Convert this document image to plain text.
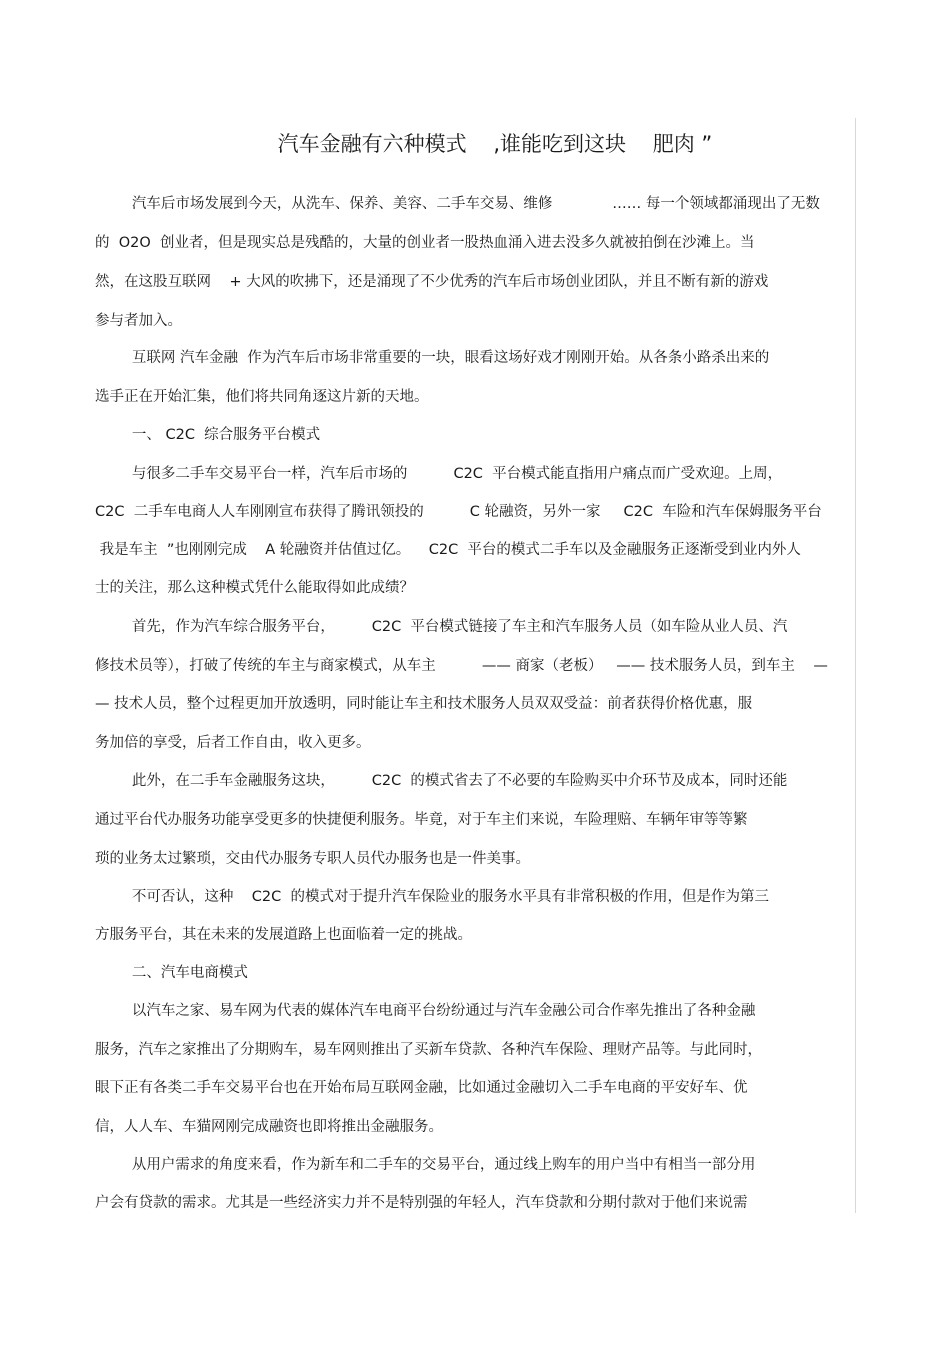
汽车金融有六种模式    ,谁能吃到这块    肥肉 ”
汽车后市场发展到今天，从洗车、保养、美容、二手车交易、维修             …… 每一个领域都涌现出了无数
的  O2O  创业者，但是现实总是残酷的，大量的创业者一股热血涌入进去没多久就被拍倒在沙滩上。当
然，在这股互联网    + 大风的吹拂下，还是涌现了不少优秀的汽车后市场创业团队，并且不断有新的游戏
参与者加入。
互联网 汽车金融  作为汽车后市场非常重要的一块，眼看这场好戏才刚刚开始。从各条小路杀出来的
选手正在开始汇集，他们将共同角逐这片新的天地。
一、 C2C  综合服务平台模式
与很多二手车交易平台一样，汽车后市场的          C2C  平台模式能直指用户痛点而广受欢迎。上周，
C2C  二手车电商人人车刚刚宣布获得了腾讯领投的          C 轮融资，另外一家     C2C  车险和汽车保姆服务平台
我是车主  ”也刚刚完成    A 轮融资并估值过亿。    C2C  平台的模式二手车以及金融服务正逐渐受到业内外人
士的关注，那么这种模式凭什么能取得如此成绩？
首先，作为汽车综合服务平台，        C2C  平台模式链接了车主和汽车服务人员（如车险从业人员、汽
修技术员等），打破了传统的车主与商家模式，从车主          —— 商家（老板）   —— 技术服务人员，到车主    —
— 技术人员，整个过程更加开放透明，同时能让车主和技术服务人员双双受益：前者获得价格优惠，服
务加倍的享受，后者工作自由，收入更多。
此外，在二手车金融服务这块，        C2C  的模式省去了不必要的车险购买中介环节及成本，同时还能
通过平台代办服务功能享受更多的快捷便利服务。毕竟，对于车主们来说，车险理赔、车辆年审等等繁
琐的业务太过繁琐，交由代办服务专职人员代办服务也是一件美事。
不可否认，这种    C2C  的模式对于提升汽车保险业的服务水平具有非常积极的作用，但是作为第三
方服务平台，其在未来的发展道路上也面临着一定的挑战。
二、汽车电商模式
以汽车之家、易车网为代表的媒体汽车电商平台纷纷通过与汽车金融公司合作率先推出了各种金融
服务，汽车之家推出了分期购车，易车网则推出了买新车贷款、各种汽车保险、理财产品等。与此同时，
眼下正有各类二手车交易平台也在开始布局互联网金融，比如通过金融切入二手车电商的平安好车、优
信，人人车、车猫网刚完成融资也即将推出金融服务。
从用户需求的角度来看，作为新车和二手车的交易平台，通过线上购车的用户当中有相当一部分用
户会有贷款的需求。尤其是一些经济实力并不是特别强的年轻人，汽车贷款和分期付款对于他们来说需
